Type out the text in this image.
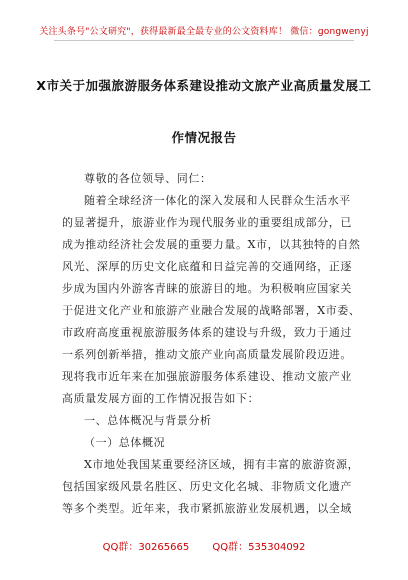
关注头条号"公文研究"，获得最新最全最专业的公文资料库！ 微信：gongwenyj
X市关于加强旅游服务体系建设推动文旅产业高质量发展工
作情况报告
尊敬的各位领导、同仁：
随着全球经济一体化的深入发展和人民群众生活水平
的显著提升，旅游业作为现代服务业的重要组成部分，已
成为推动经济社会发展的重要力量。X市，以其独特的自然
风光、深厚的历史文化底蕴和日益完善的交通网络，正逐
步成为国内外游客青睐的旅游目的地。为积极响应国家关
于促进文化产业和旅游产业融合发展的战略部署，X市委、
市政府高度重视旅游服务体系的建设与升级，致力于通过
一系列创新举措，推动文旅产业向高质量发展阶段迈进。
现将我市近年来在加强旅游服务体系建设、推动文旅产业
高质量发展方面的工作情况报告如下：
一、总体概况与背景分析
（一）总体概况
X市地处我国某重要经济区域，拥有丰富的旅游资源，
包括国家级风景名胜区、历史文化名城、非物质文化遗产
等多个类型。近年来，我市紧抓旅游业发展机遇，以全域
QQ群：30265665 QQ群：535304092
